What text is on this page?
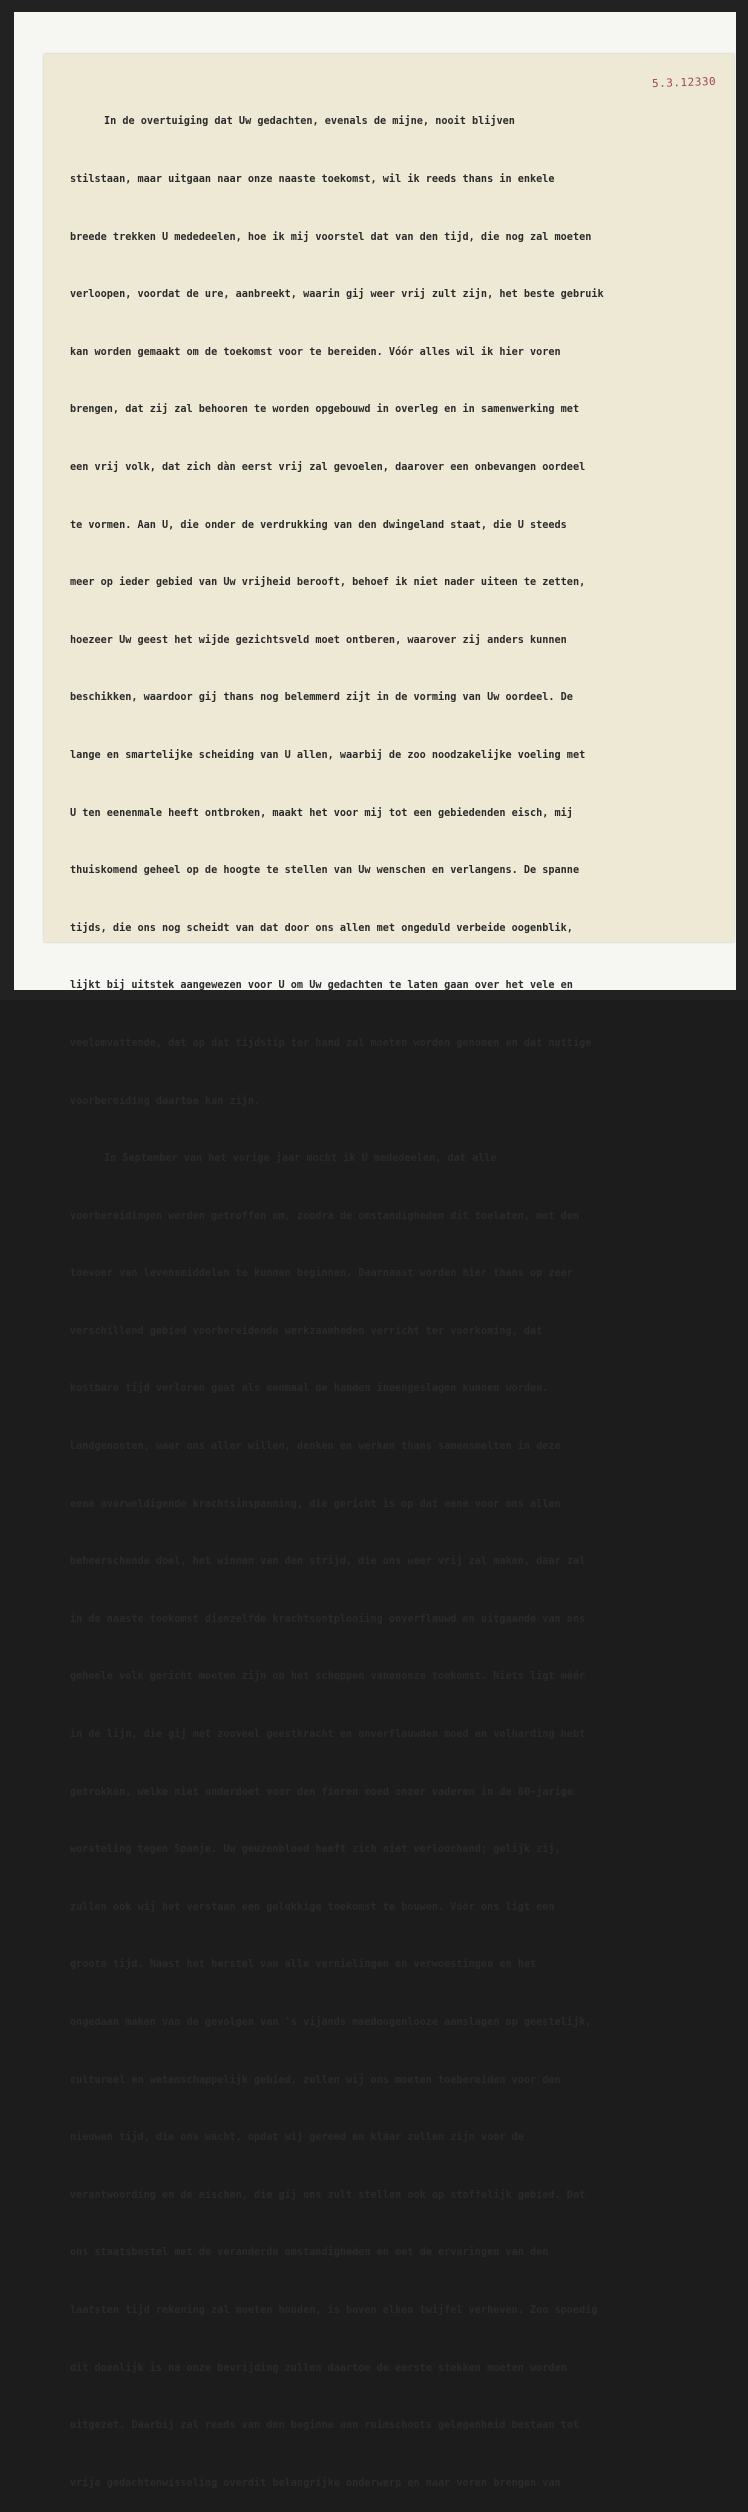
5.3.12330

In de overtuiging dat Uw gedachten, evenals de mijne, nooit blijven

stilstaan, maar uitgaan naar onze naaste toekomst, wil ik reeds thans in enkele

breede trekken U mededeelen, hoe ik mij voorstel dat van den tijd, die nog zal moeten

verloopen, voordat de ure, aanbreekt, waarin gij weer vrij zult zijn, het beste gebruik

kan worden gemaakt om de toekomst voor te bereiden. Vóór alles wil ik hier voren

brengen, dat zij zal behooren te worden opgebouwd in overleg en in samenwerking met

een vrij volk, dat zich dàn eerst vrij zal gevoelen, daarover een onbevangen oordeel

te vormen. Aan U, die onder de verdrukking van den dwingeland staat, die U steeds

meer op ieder gebied van Uw vrijheid berooft, behoef ik niet nader uiteen te zetten,

hoezeer Uw geest het wijde gezichtsveld moet ontberen, waarover zij anders kunnen

beschikken, waardoor gij thans nog belemmerd zijt in de vorming van Uw oordeel. De

lange en smartelijke scheiding van U allen, waarbij de zoo noodzakelijke voeling met

U ten eenenmale heeft ontbroken, maakt het voor mij tot een gebiedenden eisch, mij

thuiskomend geheel op de hoogte te stellen van Uw wenschen en verlangens. De spanne

tijds, die ons nog scheidt van dat door ons allen met ongeduld verbeide oogenblik,

lijkt bij uitstek aangewezen voor U om Uw gedachten te laten gaan over het vele en

veelomvattende, dat op dat tijdstip ter hand zal moeten worden genomen en dat nuttige

voorbereiding daartoe kan zijn.

In September van het vorige jaar mocht ik U mededeelen, dat alle

voorbereidingen werden getroffen om, zoodra de omstandigheden dit toelaten, met den

toevoer van levensmiddelen te kunnen beginnen. Daarnaast worden hier thans op zeer

verschillend gebied voorbereidende werkzaamheden verricht ter voorkoming, dat

kostbare tijd verloren gaat als eenmaal de handen ineengeslagen kunnen worden.

Landgenooten, waar ons aller willen, denken en werken thans samensmelten in deze

eene overweldigende krachtsinspanning, die gericht is op dat eene voor ons allen

beheerschende doel, het winnen van den strijd, die ons weer vrij zal maken, daar zal

in de naaste toekomst dienzelfde krachtsontplooiing onverflauwd en uitgaande van ons

geheele volk gericht moeten zijn op het scheppen vanenonze toekomst. Niets ligt méér

in de lijn, die gij met zooveel geestkracht en onverflauwden moed en volharding hebt

getrokken, welke niet onderdoet voor den fieren moed onzer vaderen in de 80-jarige

worsteling tegen Spanje. Uw geuzenbloed heeft zich niet verloochend; gelijk zij,

zullen ook wij het verstaan een gelukkige toekomst te bouwen. Vóór ons ligt een

groote tijd. Naast het herstel van alle vernielingen en verwoestingen en het

ongedaan maken van de gevolgen van 's vijands meedoogenlooze aanslagen op geestelijk,

cultureel en wetenschappelijk gebied, zullen wij ons moeten toebereiden voor den

nieuwen tijd, die ons wacht, opdat wij gereed en klaar zullen zijn voor de

verantwoording en de eischen, die gij ons zult stellen ook op stoffelijk gebied. Dat

ons staatsbestel met de veranderde omstandigheden en met de ervaringen van den

laatsten tijd rekening zal moeten houden, is boven elken twijfel verheven. Zoo spoedig

dit doenlijk is na onze bevrijding zullen daartoe de eerste stekken moeten worden

uitgezet. Daarbij zal reeds van den beginne aan ruimschoots gelegenheid bestaan tot

vrije gedachtenwisseling overdit belangrijke onderwerp en naar voren brengen van
